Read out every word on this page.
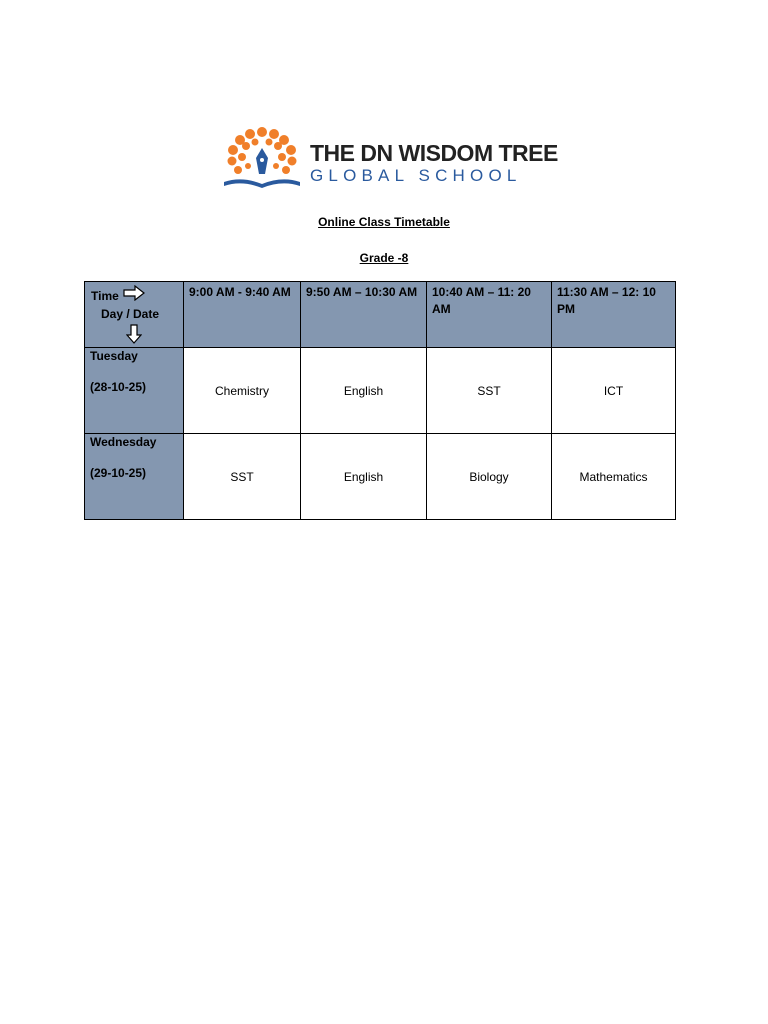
THE DN WISDOM TREE
GLOBAL SCHOOL
Online Class Timetable
Grade -8
Time
Day / Date	9:00 AM - 9:40 AM	9:50 AM – 10:30 AM	10:40 AM – 11: 20 AM	11:30 AM – 12: 10 PM

Tuesday
(28-10-25)	Chemistry	English	SST	ICT

Wednesday
(29-10-25)	SST	English	Biology	Mathematics
